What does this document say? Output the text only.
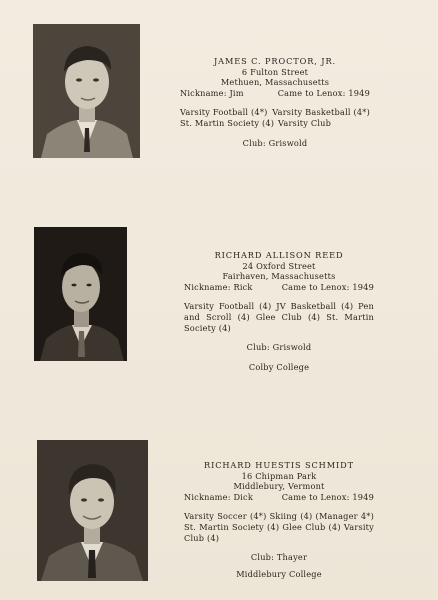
JAMES C. PROCTOR, JR.
6 Fulton Street
Methuen, Massachusetts
Nickname: Jim	Came to Lenox: 1949
Varsity Football (4*) Varsity Basketball (4*)
St. Martin Society (4) Varsity Club
Club: Griswold
RICHARD ALLISON REED
24 Oxford Street
Fairhaven, Massachusetts
Nickname: Rick	Came to Lenox: 1949
Varsity Football (4) JV Basketball (4) Pen and Scroll (4) Glee Club (4) St. Martin Society (4)
Club: Griswold
Colby College
RICHARD HUESTIS SCHMIDT
16 Chipman Park
Middlebury, Vermont
Nickname: Dick	Came to Lenox: 1949
Varsity Soccer (4*) Skiing (4) (Manager 4*) St. Martin Society (4) Glee Club (4) Varsity Club (4)
Club: Thayer
Middlebury College
